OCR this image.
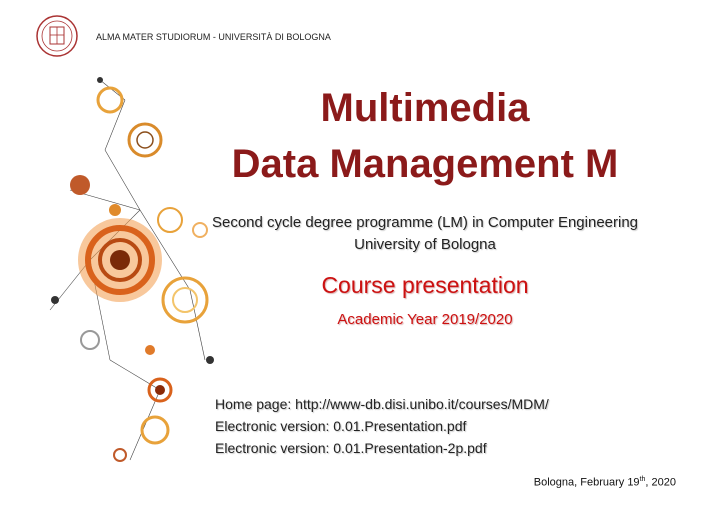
ALMA MATER STUDIORUM - UNIVERSITÀ DI BOLOGNA
Multimedia
Data Management M
Second cycle degree programme (LM) in Computer Engineering
University of Bologna
Course presentation
Academic Year 2019/2020
Home page: http://www-db.disi.unibo.it/courses/MDM/
Electronic version: 0.01.Presentation.pdf
Electronic version: 0.01.Presentation-2p.pdf
Bologna, February 19th, 2020
